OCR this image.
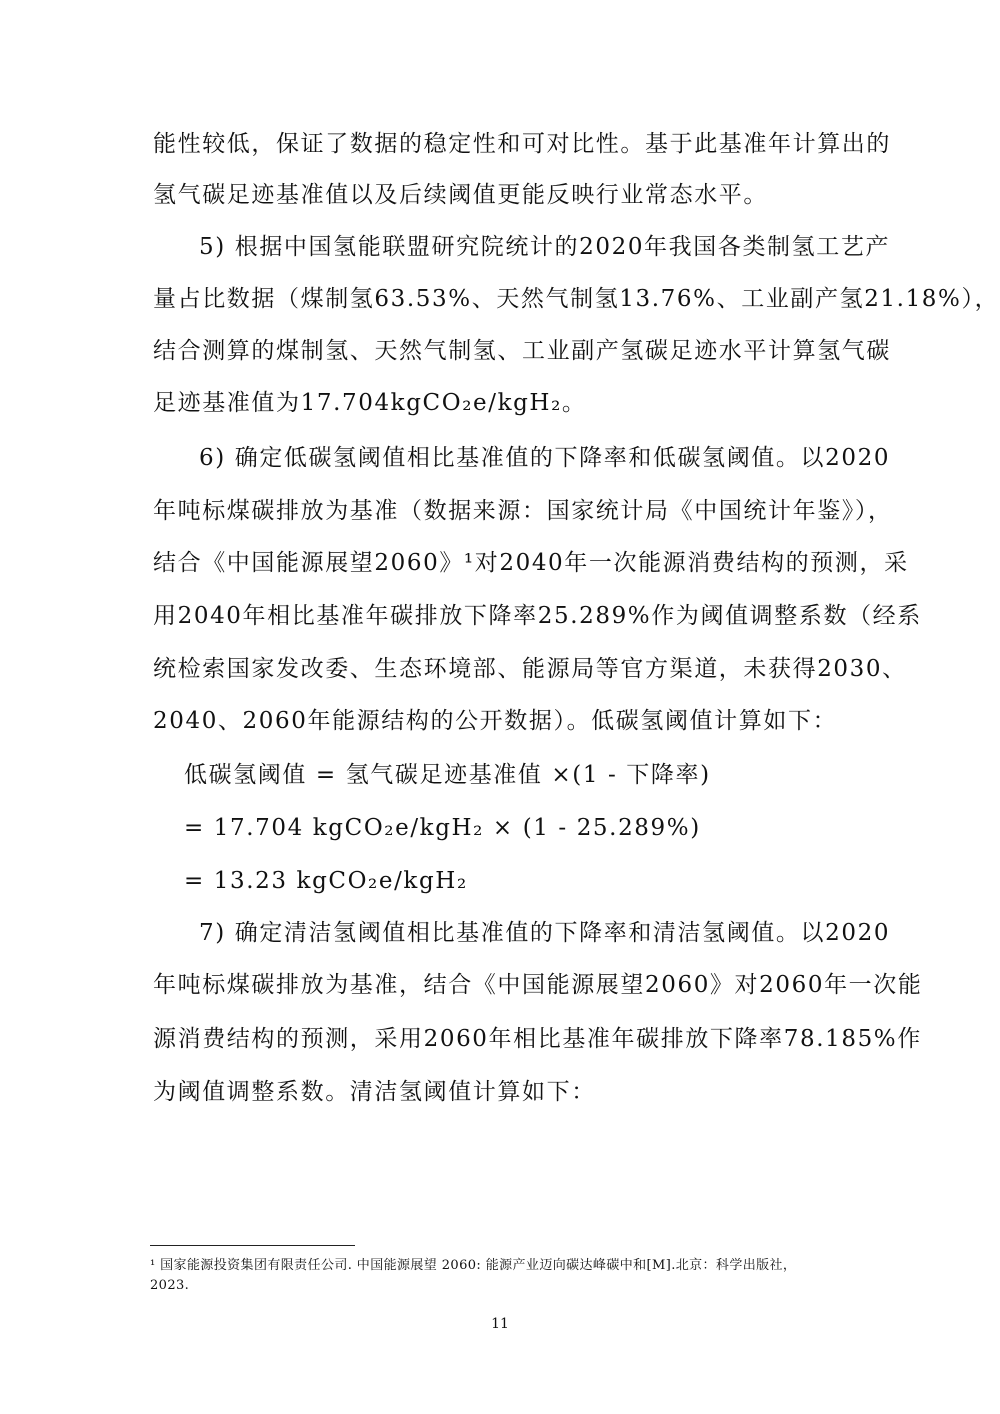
能性较低，保证了数据的稳定性和可对比性。基于此基准年计算出的
氢气碳足迹基准值以及后续阈值更能反映行业常态水平。
5) 根据中国氢能联盟研究院统计的2020年我国各类制氢工艺产
量占比数据（煤制氢63.53%、天然气制氢13.76%、工业副产氢21.18%），
结合测算的煤制氢、天然气制氢、工业副产氢碳足迹水平计算氢气碳
足迹基准值为17.704kgCO₂e/kgH₂。
6) 确定低碳氢阈值相比基准值的下降率和低碳氢阈值。以2020
年吨标煤碳排放为基准（数据来源：国家统计局《中国统计年鉴》），
结合《中国能源展望2060》¹对2040年一次能源消费结构的预测，采
用2040年相比基准年碳排放下降率25.289%作为阈值调整系数（经系
统检索国家发改委、生态环境部、能源局等官方渠道，未获得2030、
2040、2060年能源结构的公开数据）。低碳氢阈值计算如下：
低碳氢阈值 = 氢气碳足迹基准值 ×(1 - 下降率)
= 17.704 kgCO₂e/kgH₂ × (1 - 25.289%)
= 13.23 kgCO₂e/kgH₂
7) 确定清洁氢阈值相比基准值的下降率和清洁氢阈值。以2020
年吨标煤碳排放为基准，结合《中国能源展望2060》对2060年一次能
源消费结构的预测，采用2060年相比基准年碳排放下降率78.185%作
为阈值调整系数。清洁氢阈值计算如下：
¹ 国家能源投资集团有限责任公司. 中国能源展望 2060: 能源产业迈向碳达峰碳中和[M].北京：科学出版社，
2023.
11
